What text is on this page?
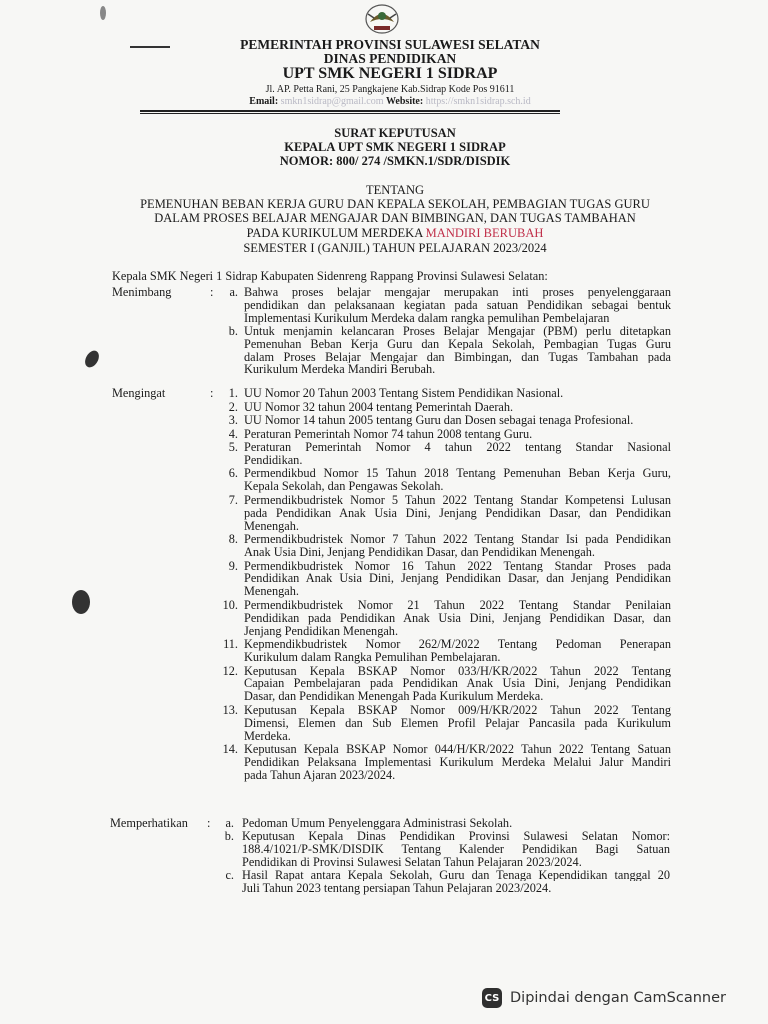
PEMERINTAH PROVINSI SULAWESI SELATAN
DINAS PENDIDIKAN
UPT SMK NEGERI 1 SIDRAP
Jl. AP. Petta Rani, 25 Pangkajene Kab.Sidrap Kode Pos 91611
Email: smkn1sidrap@gmail.com Website: https://smkn1sidrap.sch.id
SURAT KEPUTUSAN
KEPALA UPT SMK NEGERI 1 SIDRAP
NOMOR: 800/ 274 /SMKN.1/SDR/DISDIK
TENTANG
PEMENUHAN BEBAN KERJA GURU DAN KEPALA SEKOLAH, PEMBAGIAN TUGAS GURU
DALAM PROSES BELAJAR MENGAJAR DAN BIMBINGAN, DAN TUGAS TAMBAHAN
PADA KURIKULUM MERDEKA MANDIRI BERUBAH
SEMESTER I (GANJIL) TAHUN PELAJARAN 2023/2024
Kepala SMK Negeri 1 Sidrap Kabupaten Sidenreng Rappang Provinsi Sulawesi Selatan:
Menimbang	:	a. Bahwa proses belajar mengajar merupakan inti proses penyelenggaraan
pendidikan dan pelaksanaan kegiatan pada satuan Pendidikan sebagai bentuk
Implementasi Kurikulum Merdeka dalam rangka pemulihan Pembelajaran
b. Untuk menjamin kelancaran Proses Belajar Mengajar (PBM) perlu ditetapkan
Pemenuhan Beban Kerja Guru dan Kepala Sekolah, Pembagian Tugas Guru
dalam Proses Belajar Mengajar dan Bimbingan, dan Tugas Tambahan pada
Kurikulum Merdeka Mandiri Berubah.
Mengingat	:	1. UU Nomor 20 Tahun 2003 Tentang Sistem Pendidikan Nasional.
2. UU Nomor 32 tahun 2004 tentang Pemerintah Daerah.
3. UU Nomor 14 tahun 2005 tentang Guru dan Dosen sebagai tenaga Profesional.
4. Peraturan Pemerintah Nomor 74 tahun 2008 tentang Guru.
5. Peraturan Pemerintah Nomor 4 tahun 2022 tentang Standar Nasional
Pendidikan.
6. Permendikbud Nomor 15 Tahun 2018 Tentang Pemenuhan Beban Kerja Guru,
Kepala Sekolah, dan Pengawas Sekolah.
7. Permendikbudristek Nomor 5 Tahun 2022 Tentang Standar Kompetensi Lulusan
pada Pendidikan Anak Usia Dini, Jenjang Pendidikan Dasar, dan Pendidikan
Menengah.
8. Permendikbudristek Nomor 7 Tahun 2022 Tentang Standar Isi pada Pendidikan
Anak Usia Dini, Jenjang Pendidikan Dasar, dan Pendidikan Menengah.
9. Permendikbudristek Nomor 16 Tahun 2022 Tentang Standar Proses pada
Pendidikan Anak Usia Dini, Jenjang Pendidikan Dasar, dan Jenjang Pendidikan
Menengah.
10. Permendikbudristek Nomor 21 Tahun 2022 Tentang Standar Penilaian
Pendidikan pada Pendidikan Anak Usia Dini, Jenjang Pendidikan Dasar, dan
Jenjang Pendidikan Menengah.
11. Kepmendikbudristek Nomor 262/M/2022 Tentang Pedoman Penerapan
Kurikulum dalam Rangka Pemulihan Pembelajaran.
12. Keputusan Kepala BSKAP Nomor 033/H/KR/2022 Tahun 2022 Tentang
Capaian Pembelajaran pada Pendidikan Anak Usia Dini, Jenjang Pendidikan
Dasar, dan Pendidikan Menengah Pada Kurikulum Merdeka.
13. Keputusan Kepala BSKAP Nomor 009/H/KR/2022 Tahun 2022 Tentang
Dimensi, Elemen dan Sub Elemen Profil Pelajar Pancasila pada Kurikulum
Merdeka.
14. Keputusan Kepala BSKAP Nomor 044/H/KR/2022 Tahun 2022 Tentang Satuan
Pendidikan Pelaksana Implementasi Kurikulum Merdeka Melalui Jalur Mandiri
pada Tahun Ajaran 2023/2024.
Memperhatikan :	a. Pedoman Umum Penyelenggara Administrasi Sekolah.
b. Keputusan Kepala Dinas Pendidikan Provinsi Sulawesi Selatan Nomor:
188.4/1021/P-SMK/DISDIK Tentang Kalender Pendidikan Bagi Satuan
Pendidikan di Provinsi Sulawesi Selatan Tahun Pelajaran 2023/2024.
c. Hasil Rapat antara Kepala Sekolah, Guru dan Tenaga Kependidikan tanggal 20
Juli Tahun 2023 tentang persiapan Tahun Pelajaran 2023/2024.
CS Dipindai dengan CamScanner
